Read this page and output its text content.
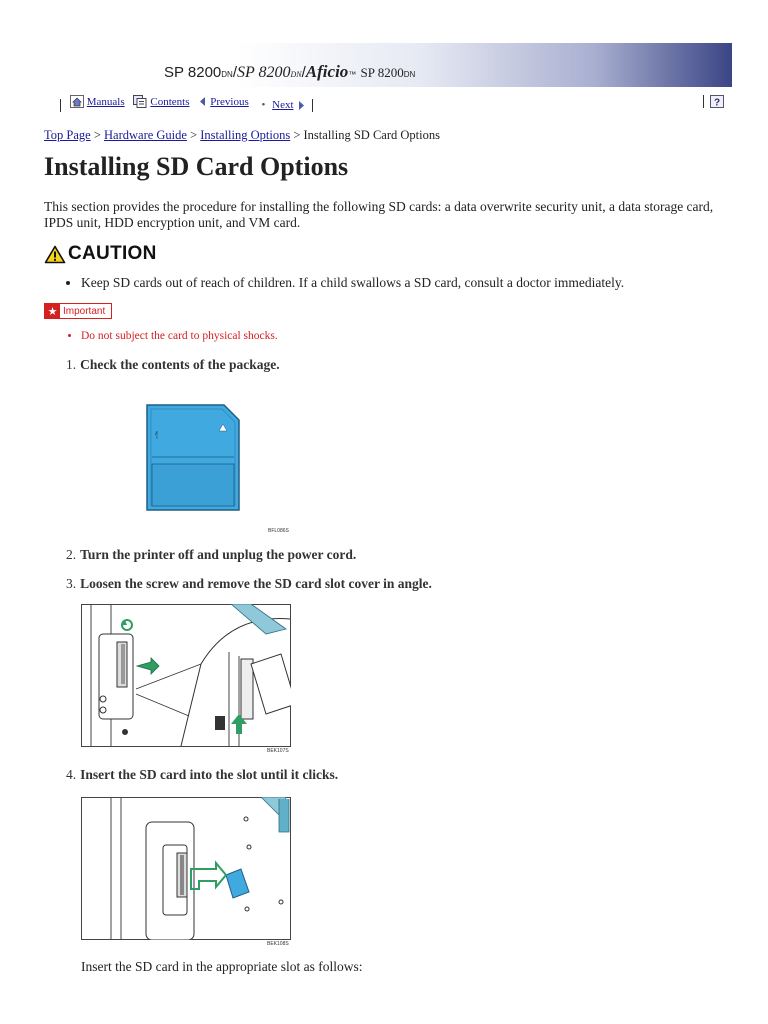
SP 8200DN/SP 8200DN/Aficio™ SP 8200DN

Manuals
Contents
Previous • Next
	?
Top Page > Hardware Guide > Installing Options > Installing SD Card Options
Installing SD Card Options

This section provides the procedure for installing the following SD cards: a data overwrite security unit, a data storage card, IPDS unit, HDD encryption unit, and VM card.

CAUTION
• Keep SD cards out of reach of children. If a child swallows a SD card, consult a doctor immediately.
★ Important
• Do not subject the card to physical shocks.
1. Check the contents of the package.
BFL086S
2. Turn the printer off and unplug the power cord.
3. Loosen the screw and remove the SD card slot cover in angle.
BEK107S
4. Insert the SD card into the slot until it clicks.
BEK108S
Insert the SD card in the appropriate slot as follows:
